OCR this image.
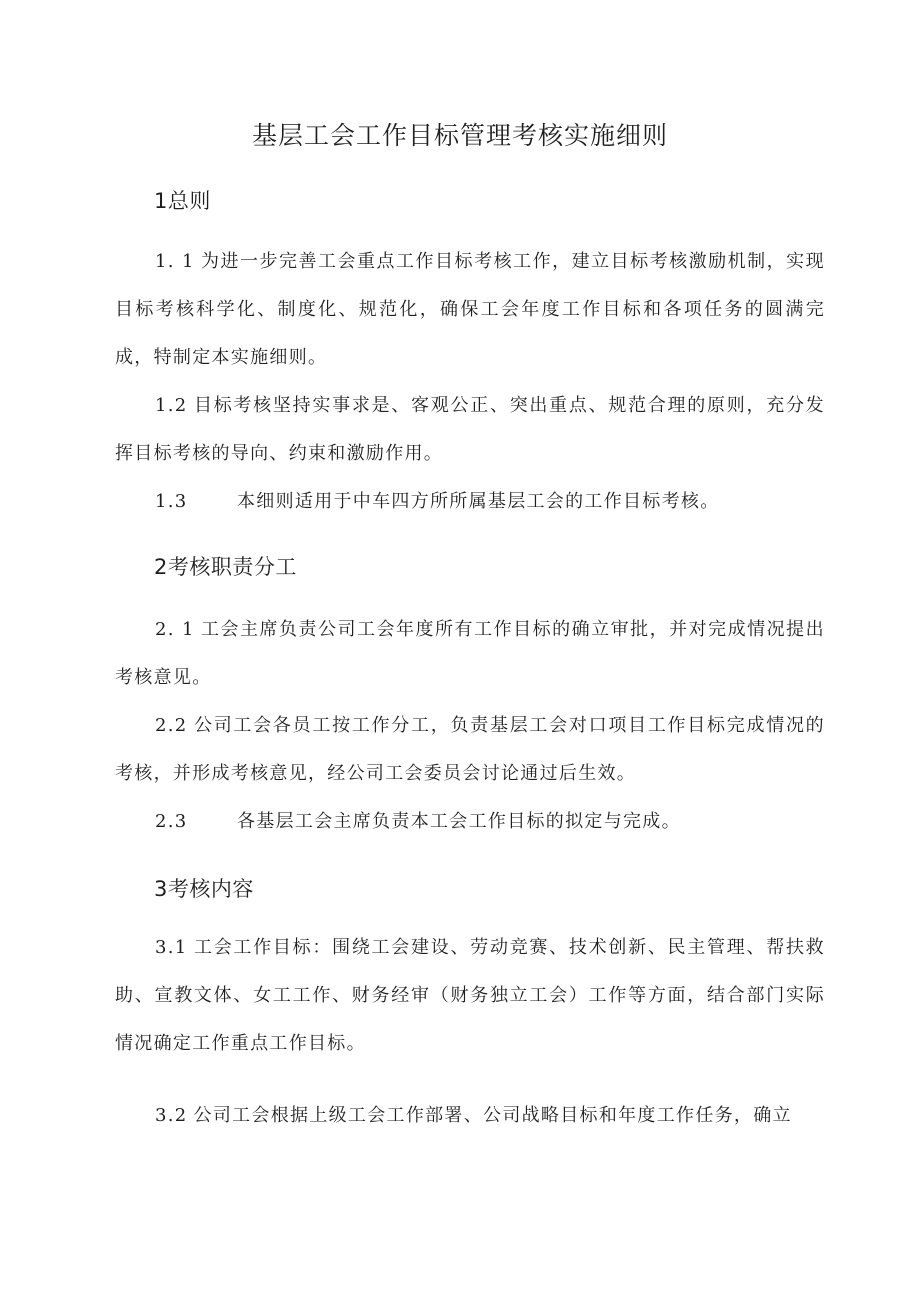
基层工会工作目标管理考核实施细则
1总则
1. 1 为进一步完善工会重点工作目标考核工作，建立目标考核激励机制，实现目标考核科学化、制度化、规范化，确保工会年度工作目标和各项任务的圆满完成，特制定本实施细则。
1.2 目标考核坚持实事求是、客观公正、突出重点、规范合理的原则，充分发挥目标考核的导向、约束和激励作用。
1.3	本细则适用于中车四方所所属基层工会的工作目标考核。
2考核职责分工
2. 1 工会主席负责公司工会年度所有工作目标的确立审批，并对完成情况提出考核意见。
2.2 公司工会各员工按工作分工，负责基层工会对口项目工作目标完成情况的考核，并形成考核意见，经公司工会委员会讨论通过后生效。
2.3	各基层工会主席负责本工会工作目标的拟定与完成。
3考核内容
3.1 工会工作目标：围绕工会建设、劳动竞赛、技术创新、民主管理、帮扶救助、宣教文体、女工工作、财务经审（财务独立工会）工作等方面，结合部门实际情况确定工作重点工作目标。
3.2 公司工会根据上级工会工作部署、公司战略目标和年度工作任务，确立
